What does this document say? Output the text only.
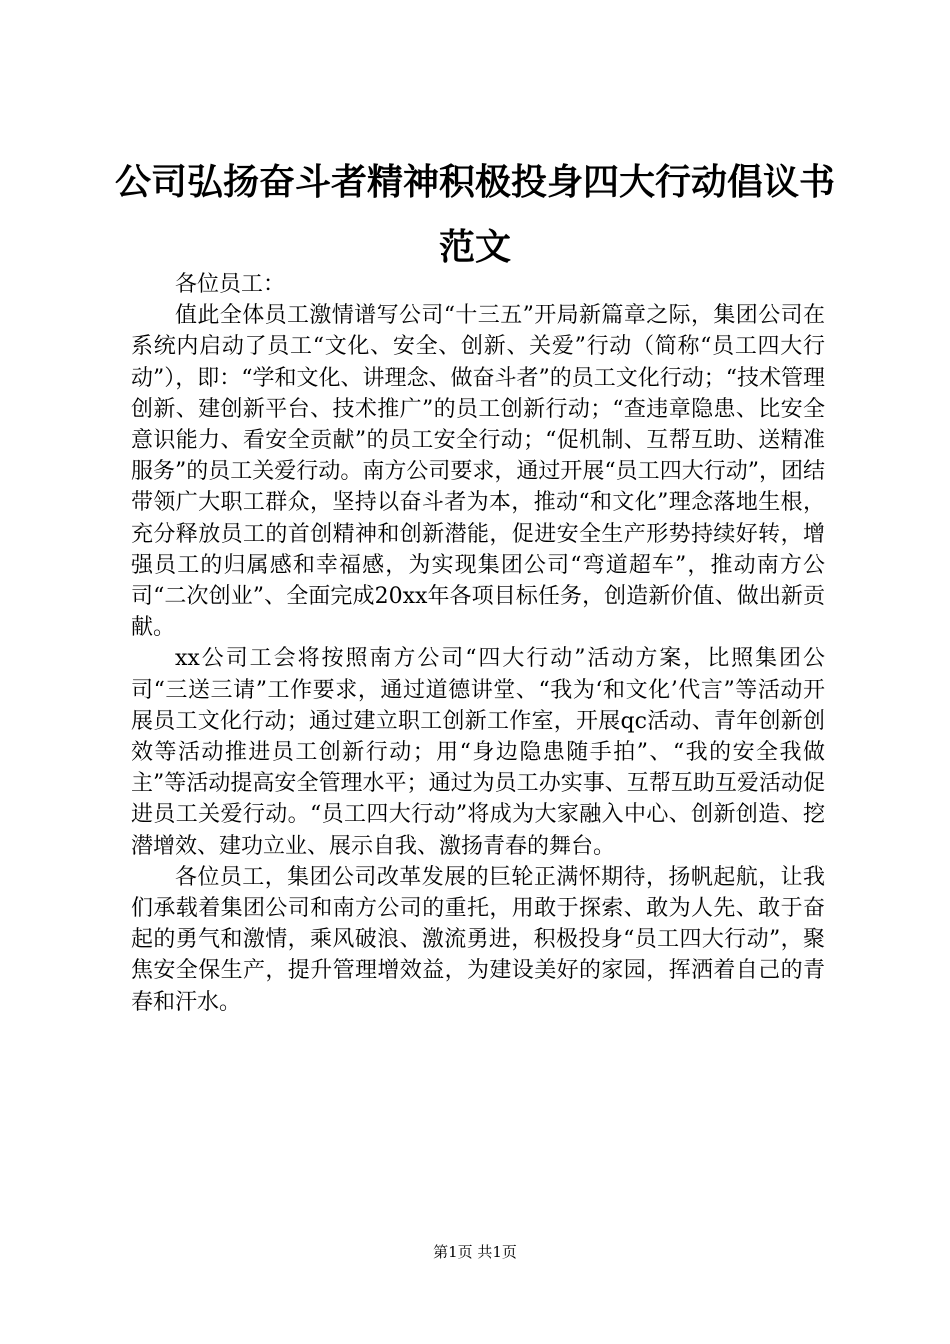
公司弘扬奋斗者精神积极投身四大行动倡议书范文

各位员工：

值此全体员工激情谱写公司“十三五”开局新篇章之际，集团公司在系统内启动了员工“文化、安全、创新、关爱”行动（简称“员工四大行动”），即：“学和文化、讲理念、做奋斗者”的员工文化行动；“技术管理创新、建创新平台、技术推广”的员工创新行动；“查违章隐患、比安全意识能力、看安全贡献”的员工安全行动；“促机制、互帮互助、送精准服务”的员工关爱行动。南方公司要求，通过开展“员工四大行动”，团结带领广大职工群众，坚持以奋斗者为本，推动“和文化”理念落地生根，充分释放员工的首创精神和创新潜能，促进安全生产形势持续好转，增强员工的归属感和幸福感，为实现集团公司“弯道超车”，推动南方公司“二次创业”、全面完成20xx年各项目标任务，创造新价值、做出新贡献。

xx公司工会将按照南方公司“四大行动”活动方案，比照集团公司“三送三请”工作要求，通过道德讲堂、“我为‘和文化’代言”等活动开展员工文化行动；通过建立职工创新工作室，开展qc活动、青年创新创效等活动推进员工创新行动；用“身边隐患随手拍”、“我的安全我做主”等活动提高安全管理水平；通过为员工办实事、互帮互助互爱活动促进员工关爱行动。“员工四大行动”将成为大家融入中心、创新创造、挖潜增效、建功立业、展示自我、激扬青春的舞台。

各位员工，集团公司改革发展的巨轮正满怀期待，扬帆起航，让我们承载着集团公司和南方公司的重托，用敢于探索、敢为人先、敢于奋起的勇气和激情，乘风破浪、激流勇进，积极投身“员工四大行动”，聚焦安全保生产，提升管理增效益，为建设美好的家园，挥洒着自己的青春和汗水。

第1页 共1页
